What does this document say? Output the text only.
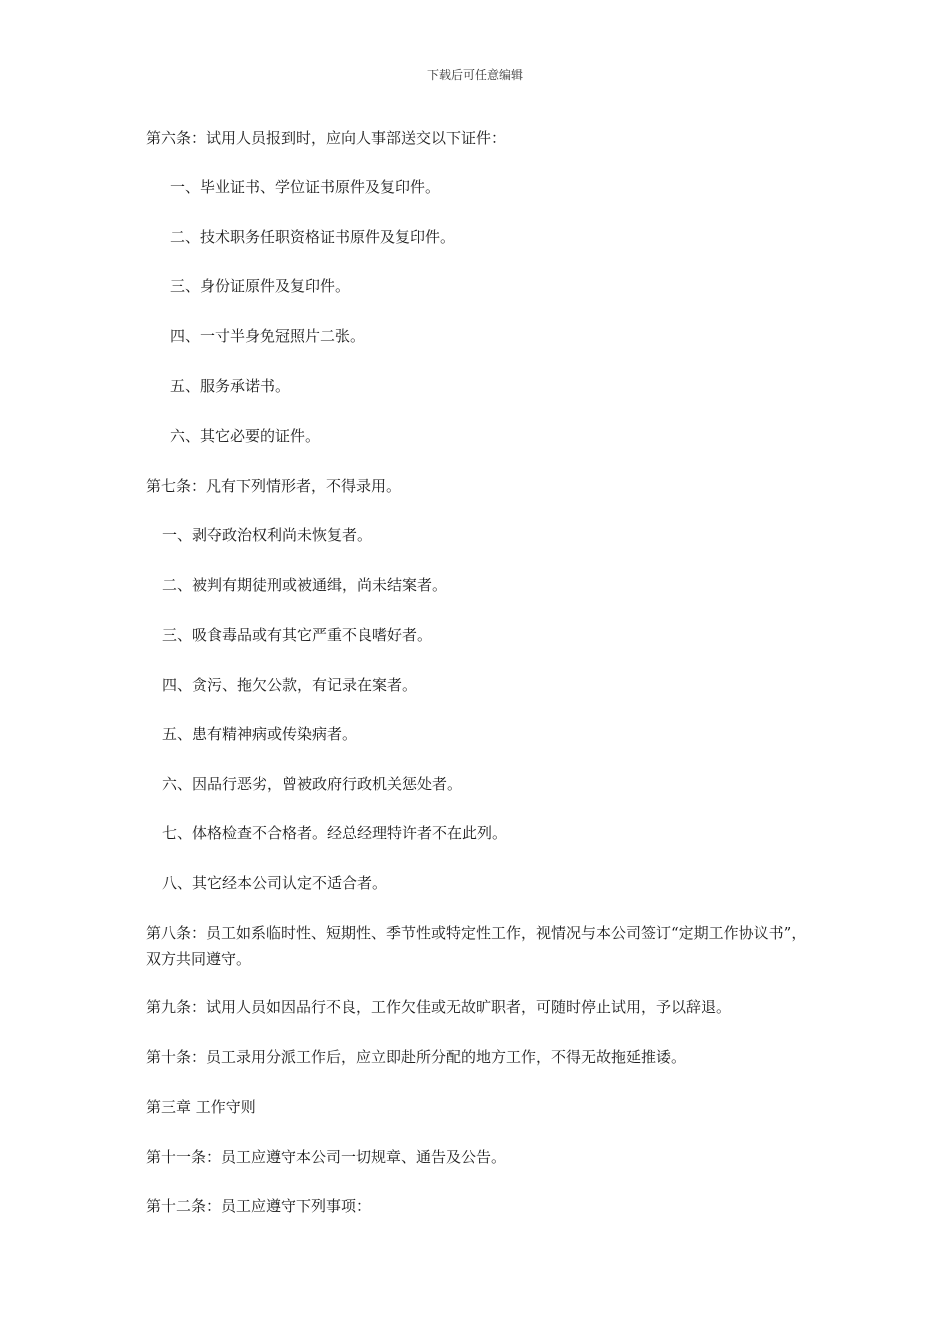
下载后可任意编辑
第六条：试用人员报到时，应向人事部送交以下证件：
一、毕业证书、学位证书原件及复印件。
二、技术职务任职资格证书原件及复印件。
三、身份证原件及复印件。
四、一寸半身免冠照片二张。
五、服务承诺书。
六、其它必要的证件。
第七条：凡有下列情形者，不得录用。
一、剥夺政治权利尚未恢复者。
二、被判有期徒刑或被通缉，尚未结案者。
三、吸食毒品或有其它严重不良嗜好者。
四、贪污、拖欠公款，有记录在案者。
五、患有精神病或传染病者。
六、因品行恶劣，曾被政府行政机关惩处者。
七、体格检查不合格者。经总经理特许者不在此列。
八、其它经本公司认定不适合者。
第八条：员工如系临时性、短期性、季节性或特定性工作，视情况与本公司签订“定期工作协议书”，双方共同遵守。
第九条：试用人员如因品行不良，工作欠佳或无故旷职者，可随时停止试用，予以辞退。
第十条：员工录用分派工作后，应立即赴所分配的地方工作，不得无故拖延推诿。
第三章 工作守则
第十一条：员工应遵守本公司一切规章、通告及公告。
第十二条：员工应遵守下列事项：
